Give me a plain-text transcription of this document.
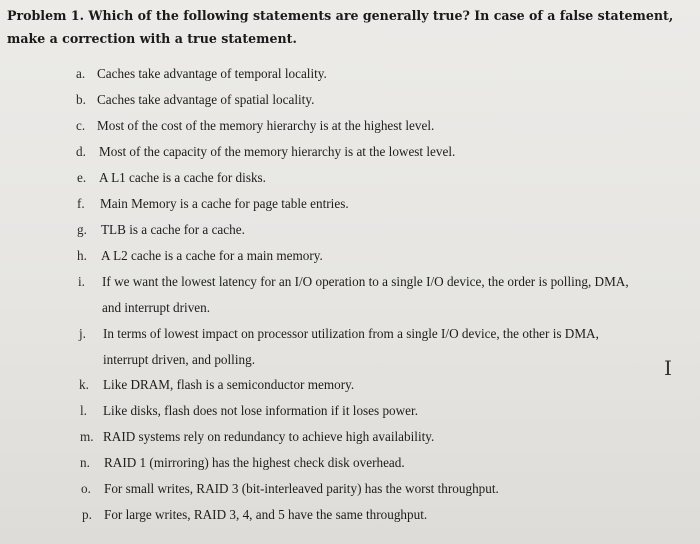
Problem 1. Which of the following statements are generally true? In case of a false statement, make a correction with a true statement.
a. Caches take advantage of temporal locality.
b. Caches take advantage of spatial locality.
c. Most of the cost of the memory hierarchy is at the highest level.
d. Most of the capacity of the memory hierarchy is at the lowest level.
e. A L1 cache is a cache for disks.
f.	Main Memory is a cache for page table entries.
g.	TLB is a cache for a cache.
h.	A L2 cache is a cache for a main memory.
i.	If we want the lowest latency for an I/O operation to a single I/O device, the order is polling, DMA,
and interrupt driven.
j.	In terms of lowest impact on processor utilization from a single I/O device, the other is DMA,
interrupt driven, and polling.
k.	Like DRAM, flash is a semiconductor memory.
l.	Like disks, flash does not lose information if it loses power.
m. RAID systems rely on redundancy to achieve high availability.
n.	RAID 1 (mirroring) has the highest check disk overhead.
o. For small writes, RAID 3 (bit-interleaved parity) has the worst throughput.
p. For large writes, RAID 3, 4, and 5 have the same throughput.
I
